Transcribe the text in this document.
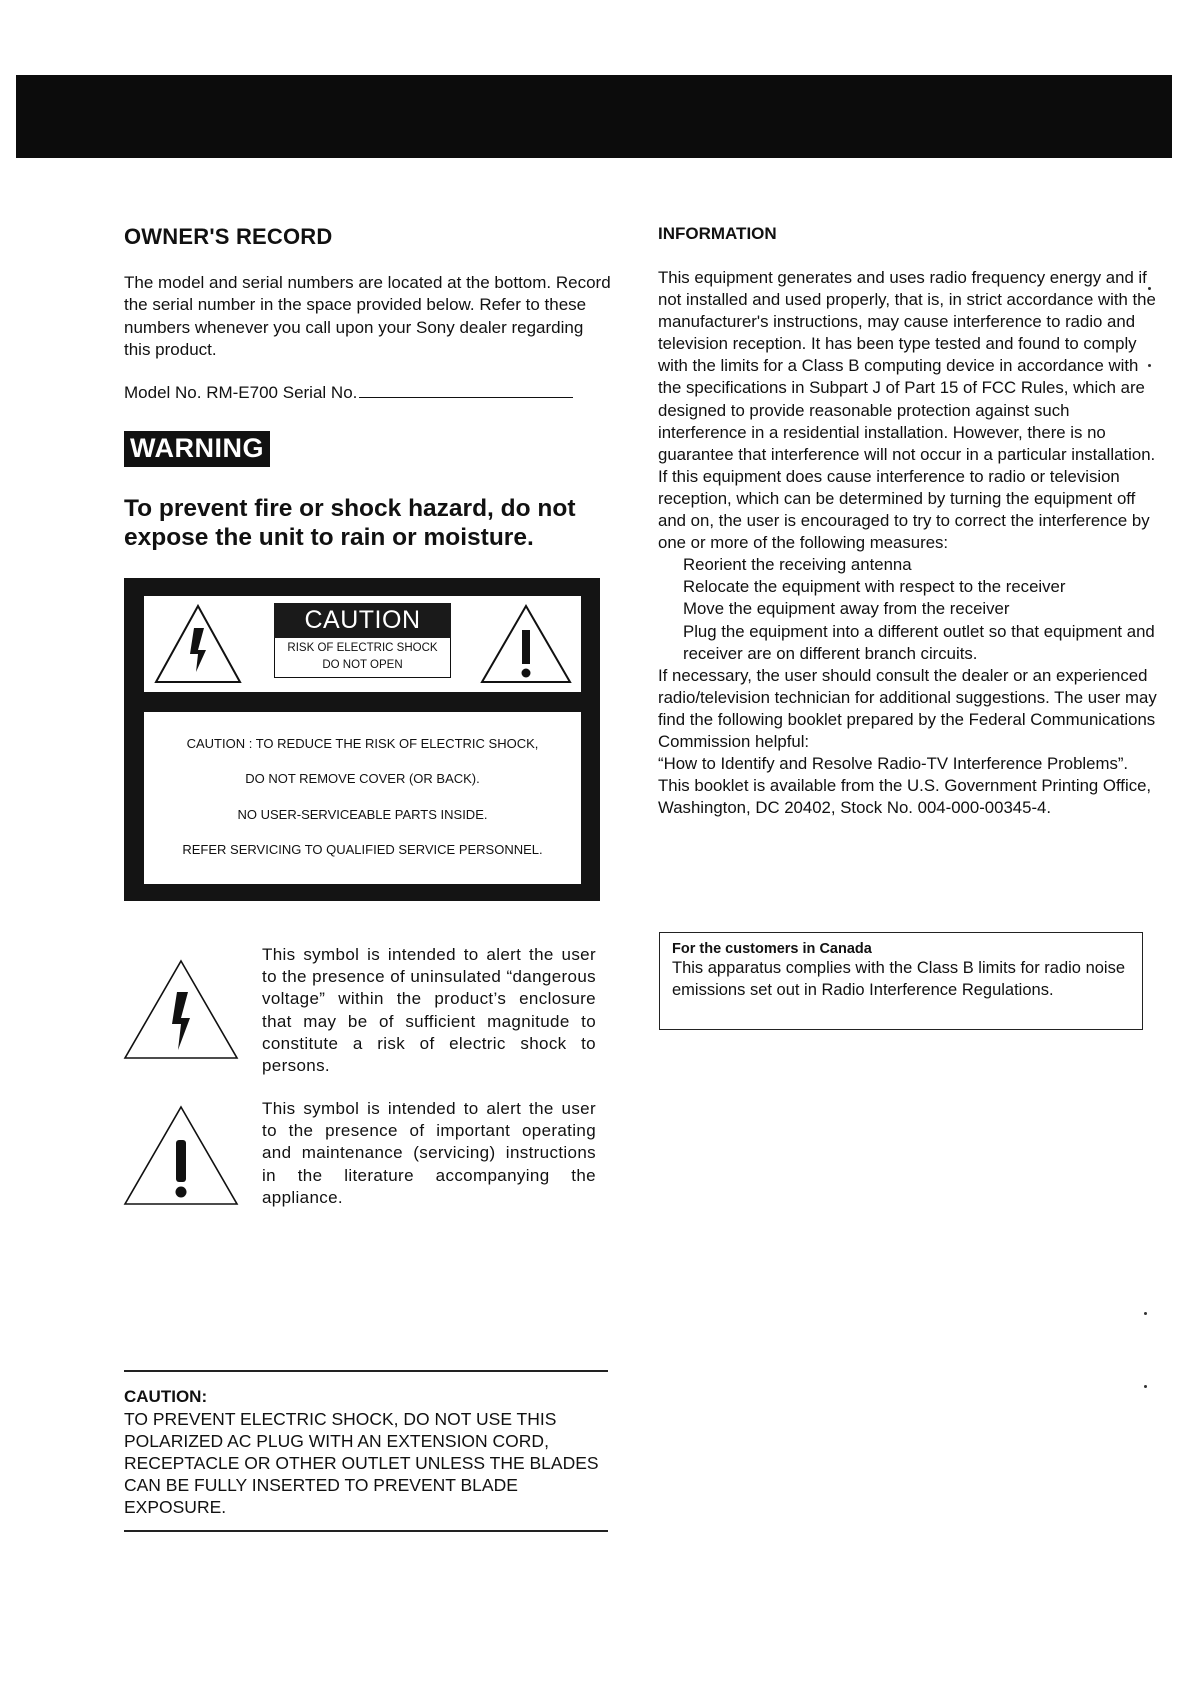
OWNER'S RECORD

The model and serial numbers are located at the bottom. Record the serial number in the space provided below. Refer to these numbers whenever you call upon your Sony dealer regarding this product.

Model No. RM-E700 Serial No.
WARNING

To prevent fire or shock hazard, do not expose the unit to rain or moisture.

CAUTION
RISK OF ELECTRIC SHOCK
DO NOT OPEN
CAUTION : TO REDUCE THE RISK OF ELECTRIC SHOCK,
DO NOT REMOVE COVER (OR BACK).
NO USER-SERVICEABLE PARTS INSIDE.
REFER SERVICING TO QUALIFIED SERVICE PERSONNEL.

This symbol is intended to alert the user to the presence of uninsulated “dangerous voltage” within the product’s enclosure that may be of sufficient magnitude to constitute a risk of electric shock to persons.

This symbol is intended to alert the user to the presence of important operating and maintenance (servicing) instructions in the literature accompanying the appliance.

CAUTION:

TO PREVENT ELECTRIC SHOCK, DO NOT USE THIS POLARIZED AC PLUG WITH AN EXTENSION CORD, RECEPTACLE OR OTHER OUTLET UNLESS THE BLADES CAN BE FULLY INSERTED TO PREVENT BLADE EXPOSURE.

INFORMATION
This equipment generates and uses radio frequency energy and if not installed and used properly, that is, in strict accordance with the manufacturer's instructions, may cause interference to radio and television reception. It has been type tested and found to comply with the limits for a Class B computing device in accordance with the specifications in Subpart J of Part 15 of FCC Rules, which are designed to provide reasonable protection against such interference in a residential installation. However, there is no guarantee that interference will not occur in a particular installation. If this equipment does cause interference to radio or television reception, which can be determined by turning the equipment off and on, the user is encouraged to try to correct the interference by one or more of the following measures:
Reorient the receiving antenna
Relocate the equipment with respect to the receiver
Move the equipment away from the receiver
Plug the equipment into a different outlet so that equipment and receiver are on different branch circuits.
If necessary, the user should consult the dealer or an experienced radio/television technician for additional suggestions. The user may find the following booklet prepared by the Federal Communications Commission helpful:
“How to Identify and Resolve Radio-TV Interference Problems”. This booklet is available from the U.S. Government Printing Office, Washington, DC 20402, Stock No. 004-000-00345-4.
For the customers in Canada

This apparatus complies with the Class B limits for radio noise emissions set out in Radio Interference Regulations.
